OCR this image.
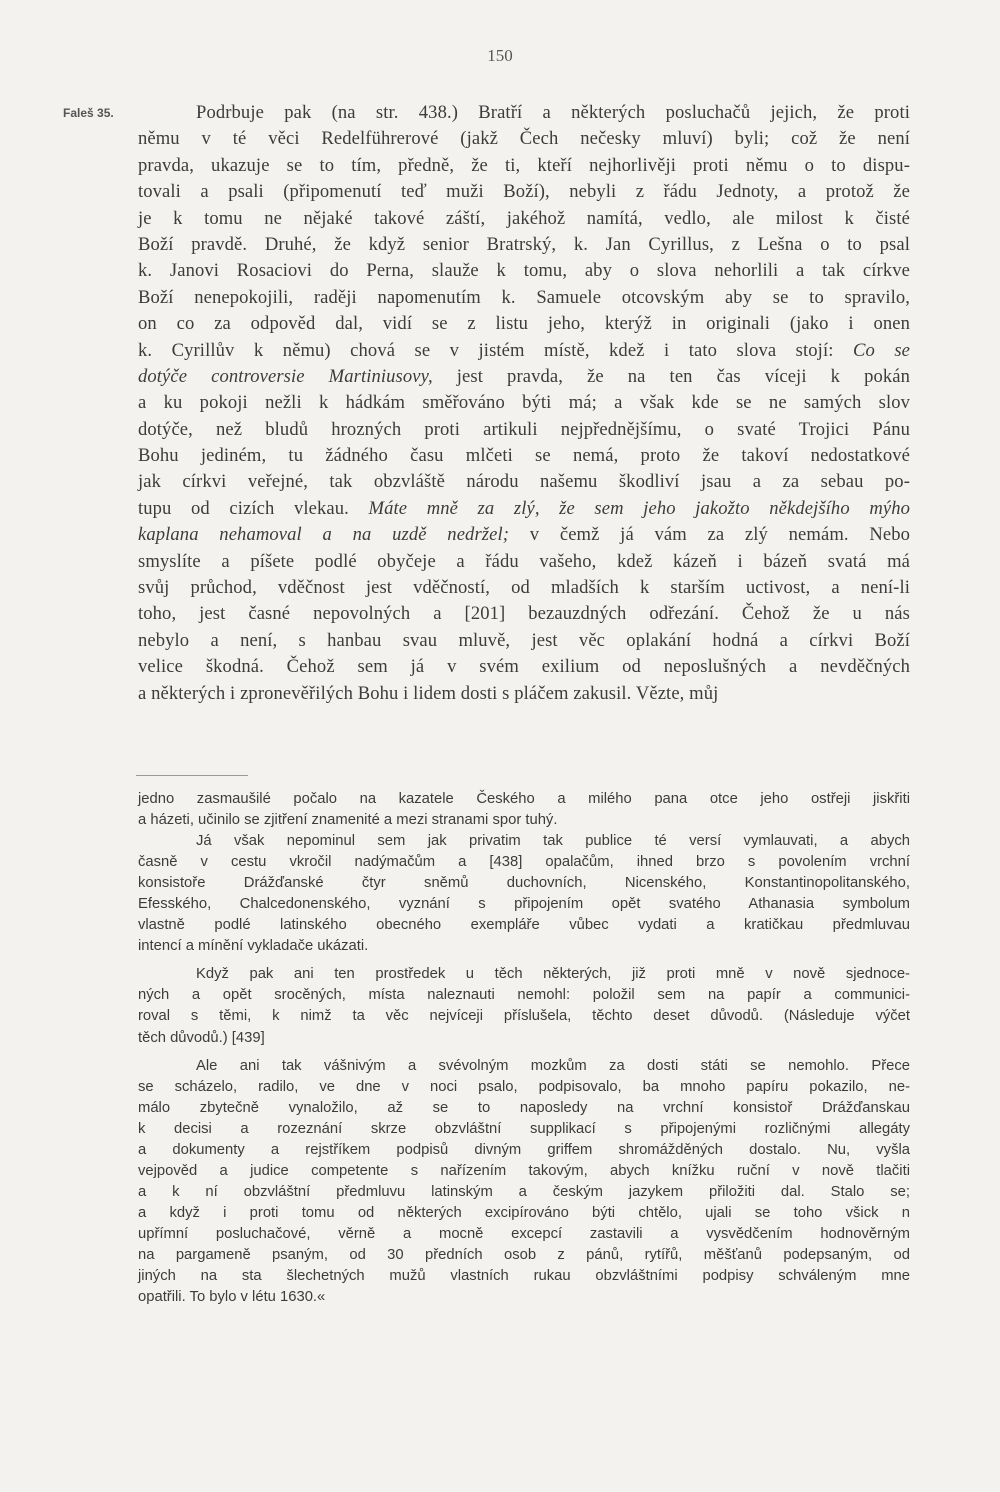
150
Faleš 35.	Podrbuje pak (na str. 438.) Bratří a některých posluchačů jejich, že proti
němu v té věci Redelführerové (jakž Čech nečesky mluví) byli; což že není
pravda, ukazuje se to tím, předně, že ti, kteří nejhorlivěji proti němu o to dispu-
tovali a psali (připomenutí teď muži Boží), nebyli z řádu Jednoty, a protož že
je k tomu ne nějaké takové záští, jakéhož namítá, vedlo, ale milost k čisté
Boží pravdě. Druhé, že když senior Bratrský, k. Jan Cyrillus, z Lešna o to psal
k. Janovi Rosaciovi do Perna, slauže k tomu, aby o slova nehorlili a tak církve
Boží nenepokojili, raději napomenutím k. Samuele otcovským aby se to spravilo,
on co za odpověd dal, vidí se z listu jeho, kterýž in originali (jako i onen
k. Cyrillův k němu) chová se v jistém místě, kdež i tato slova stojí: Co se
dotýče controversie Martiniusovy, jest pravda, že na ten čas víceji k pokán
a ku pokoji nežli k hádkám směřováno býti má; a však kde se ne samých slov
dotýče, než bludů hrozných proti artikuli nejpřednějšímu, o svaté Trojici Pánu
Bohu jediném, tu žádného času mlčeti se nemá, proto že takoví nedostatkové
jak církvi veřejné, tak obzvláště národu našemu škodliví jsau a za sebau po-
tupu od cizích vlekau. Máte mně za zlý, že sem jeho jakožto někdejšího mýho
kaplana nehamoval a na uzdě nedržel; v čemž já vám za zlý nemám. Nebo
smyslíte a píšete podlé obyčeje a řádu vašeho, kdež kázeň i bázeň svatá má
svůj průchod, vděčnost jest vděčností, od mladších k starším uctivost, a není-li
toho, jest časné nepovolných a [201] bezauzdných odřezání. Čehož že u nás
nebylo a není, s hanbau svau mluvě, jest věc oplakání hodná a církvi Boží
velice škodná. Čehož sem já v svém exilium od neposlušných a nevděčných
a některých i zpronevěřilých Bohu i lidem dosti s pláčem zakusil. Vězte, můj
jedno zasmaušilé počalo na kazatele Českého a milého pana otce jeho ostřeji jiskřiti
a házeti, učinilo se zjitření znamenité a mezi stranami spor tuhý.
Já však nepominul sem jak privatim tak publice té versí vymlauvati, a abych
časně v cestu vkročil nadýmačům a [438] opalačům, ihned brzo s povolením vrchní
konsistoře Drážďanské čtyr sněmů duchovních, Nicenského, Konstantinopolitanského,
Efesského, Chalcedonenského, vyznání s připojením opět svatého Athanasia symbolum
vlastně podlé latinského obecného exempláře vůbec vydati a kratičkau předmluvau
intencí a mínění vykladače ukázati.
Když pak ani ten prostředek u těch některých, již proti mně v nově sjednoce-
ných a opět srocěných, místa naleznauti nemohl: položil sem na papír a communici-
roval s těmi, k nimž ta věc nejvíceji příslušela, těchto deset důvodů. (Následuje výčet
těch důvodů.) [439]
Ale ani tak vášnivým a svévolným mozkům za dosti státi se nemohlo. Přece
se scházelo, radilo, ve dne v noci psalo, podpisovalo, ba mnoho papíru pokazilo, ne-
málo zbytečně vynaložilo, až se to naposledy na vrchní konsistoř Drážďanskau
k decisi a rozeznání skrze obzvláštní supplikací s připojenými rozličnými allegáty
a dokumenty a rejstříkem podpisů divným griffem shromážděných dostalo. Nu, vyšla
vejpověd a judice competente s nařízením takovým, abych knížku ruční v nově tlačiti
a k ní obzvláštní předmluvu latinským a českým jazykem přiložiti dal. Stalo se;
a když i proti tomu od některých excipírováno býti chtělo, ujali se toho všick n
upřímní posluchačové, věrně a mocně excepcí zastavili a vysvědčením hodnověrným
na pargameně psaným, od 30 předních osob z pánů, rytířů, měšťanů podepsaným, od
jiných na sta šlechetných mužů vlastních rukau obzvláštními podpisy schváleným mne
opatřili. To bylo v létu 1630.«
